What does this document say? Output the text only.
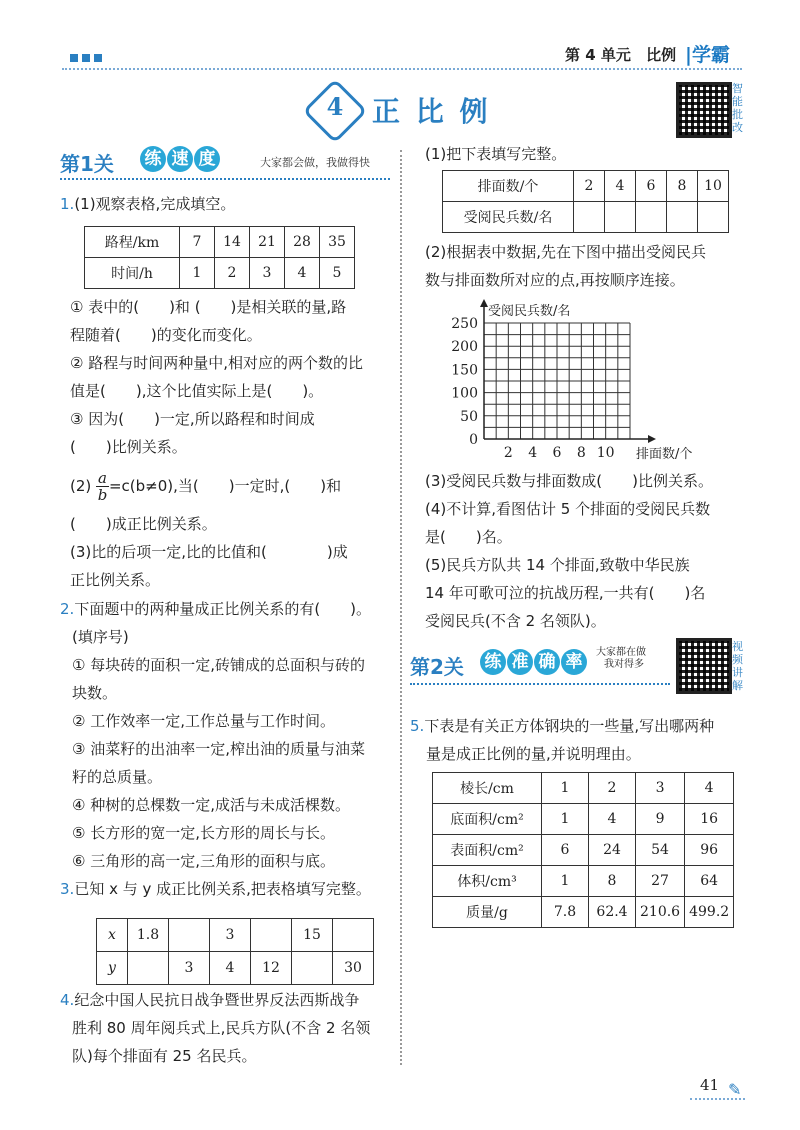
第 4 单元 比例 |学霸
4	正 比 例
智能批改
第1关 练 速 度	大家都会做，我做得快
1.(1)观察表格,完成填空。
路程/km	7	14	21	28	35
时间/h	1	2	3	4	5
① 表中的(　　)和 (　　)是相关联的量,路
程随着(　　)的变化而变化。
② 路程与时间两种量中,相对应的两个数的比
值是(　　),这个比值实际上是(　　)。
③ 因为(　　)一定,所以路程和时间成
(　　)比例关系。
$(2) \frac{a}{b} =c(b\ne 0)$,当(　　)一定时,(　　)和
(　　)成正比例关系。
(3)比的后项一定,比的比值和(　　　　)成
正比例关系。
2.下面题中的两种量成正比例关系的有(　　)。
(填序号)
① 每块砖的面积一定,砖铺成的总面积与砖的
块数。
② 工作效率一定,工作总量与工作时间。
③ 油菜籽的出油率一定,榨出油的质量与油菜
籽的总质量。
④ 种树的总棵数一定,成活与未成活棵数。
⑤ 长方形的宽一定,长方形的周长与长。
⑥ 三角形的高一定,三角形的面积与底。
3.已知 x 与 y 成正比例关系,把表格填写完整。
x	1.8		3		15	
y		3	4	12		30
4.纪念中国人民抗日战争暨世界反法西斯战争
胜利 80 周年阅兵式上,民兵方队(不含 2 名领
队)每个排面有 25 名民兵。
(1)把下表填写完整。
排面数/个	2	4	6	8	10
受阅民兵数/名					
(2)根据表中数据,先在下图中描出受阅民兵
数与排面数所对应的点,再按顺序连接。
0
50
100
150
200
250
2 4 6 8 10
受阅民兵数/名
排面数/个
(3)受阅民兵数与排面数成(　　)比例关系。
(4)不计算,看图估计 5 个排面的受阅民兵数
是(　　)名。
(5)民兵方队共 14 个排面,致敬中华民族
14 年可歌可泣的抗战历程,一共有(　　)名
受阅民兵(不含 2 名领队)。
第2关 练 准 确 率	大家都在做
我对得多
视频讲解
5.下表是有关正方体钢块的一些量,写出哪两种
量是成正比例的量,并说明理由。
棱长/cm	1	2	3	4
底面积/cm²	1	4	9	16
表面积/cm²	6	24	54	96
体积/cm³	1	8	27	64
质量/g	7.8	62.4	210.6	499.2
41 ✎
